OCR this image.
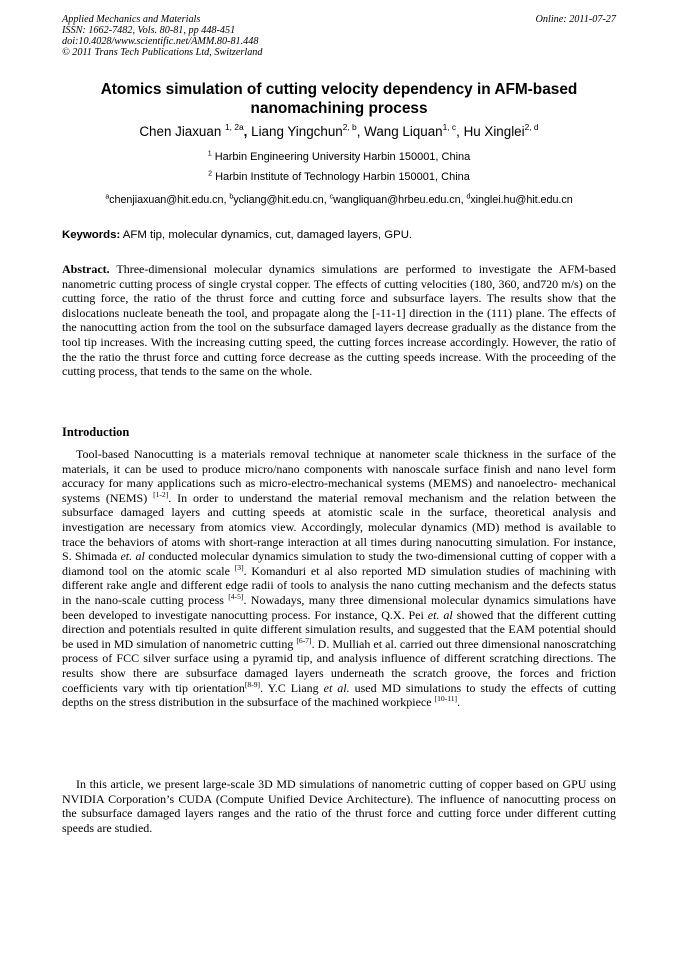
Applied Mechanics and Materials
ISSN: 1662-7482, Vols. 80-81, pp 448-451
doi:10.4028/www.scientific.net/AMM.80-81.448
© 2011 Trans Tech Publications Ltd, Switzerland
Online: 2011-07-27
Atomics simulation of cutting velocity dependency in AFM-based
nanomachining process
Chen Jiaxuan $^{1, 2a}$, Liang Yingchun$^{2, b}$, Wang Liquan$^{1, c}$, Hu Xinglei$^{2, d}$
$^1$ Harbin Engineering University Harbin 150001, China
$^2$ Harbin Institute of Technology Harbin 150001, China
$^a$chenjiaxuan@hit.edu.cn, $^b$ycliang@hit.edu.cn, $^c$wangliquan@hrbeu.edu.cn, $^d$xinglei.hu@hit.edu.cn
Keywords: AFM tip, molecular dynamics, cut, damaged layers, GPU.
Abstract. Three-dimensional molecular dynamics simulations are performed to investigate the AFM-based nanometric cutting process of single crystal copper. The effects of cutting velocities (180, 360, and720 m/s) on the cutting force, the ratio of the thrust force and cutting force and subsurface layers. The results show that the dislocations nucleate beneath the tool, and propagate along the [-11-1] direction in the (111) plane. The effects of the nanocutting action from the tool on the subsurface damaged layers decrease gradually as the distance from the tool tip increases. With the increasing cutting speed, the cutting forces increase accordingly. However, the ratio of the the ratio the thrust force and cutting force decrease as the cutting speeds increase. With the proceeding of the cutting process, that tends to the same on the whole.
Introduction
Tool-based Nanocutting is a materials removal technique at nanometer scale thickness in the surface of the materials, it can be used to produce micro/nano components with nanoscale surface finish and nano level form accuracy for many applications such as micro-electro-mechanical systems (MEMS) and nanoelectro- mechanical systems (NEMS) [1-2]. In order to understand the material removal mechanism and the relation between the subsurface damaged layers and cutting speeds at atomistic scale in the surface, theoretical analysis and investigation are necessary from atomics view. Accordingly, molecular dynamics (MD) method is available to trace the behaviors of atoms with short-range interaction at all times during nanocutting simulation. For instance, S. Shimada et. al conducted molecular dynamics simulation to study the two-dimensional cutting of copper with a diamond tool on the atomic scale [3]. Komanduri et al also reported MD simulation studies of machining with different rake angle and different edge radii of tools to analysis the nano cutting mechanism and the defects status in the nano-scale cutting process [4-5]. Nowadays, many three dimensional molecular dynamics simulations have been developed to investigate nanocutting process. For instance, Q.X. Pei et. al showed that the different cutting direction and potentials resulted in quite different simulation results, and suggested that the EAM potential should be used in MD simulation of nanometric cutting [6-7]. D. Mulliah et al. carried out three dimensional nanoscratching process of FCC silver surface using a pyramid tip, and analysis influence of different scratching directions. The results show there are subsurface damaged layers underneath the scratch groove, the forces and friction coefficients vary with tip orientation[8-9]. Y.C Liang et al. used MD simulations to study the effects of cutting depths on the stress distribution in the subsurface of the machined workpiece [10-11].
In this article, we present large-scale 3D MD simulations of nanometric cutting of copper based on GPU using NVIDIA Corporation’s CUDA (Compute Unified Device Architecture). The influence of nanocutting process on the subsurface damaged layers ranges and the ratio of the thrust force and cutting force under different cutting speeds are studied.
